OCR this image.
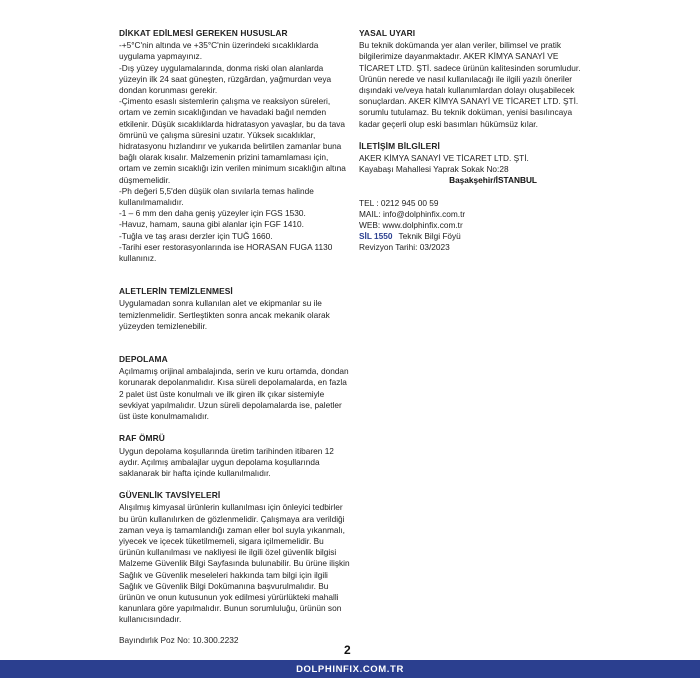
DİKKAT EDİLMESİ GEREKEN HUSUSLAR
-+5°C'nin altında ve +35°C'nin üzerindeki sıcaklıklarda uygulama yapmayınız.
-Dış yüzey uygulamalarında, donma riski olan alanlarda yüzeyin ilk 24 saat güneşten, rüzgârdan, yağmurdan veya dondan korunması gerekir.
-Çimento esaslı sistemlerin çalışma ve reaksiyon süreleri, ortam ve zemin sıcaklığından ve havadaki bağıl nemden etkilenir. Düşük sıcaklıklarda hidratasyon yavaşlar, bu da tava ömrünü ve çalışma süresini uzatır. Yüksek sıcaklıklar, hidratasyonu hızlandırır ve yukarıda belirtilen zamanlar buna bağlı olarak kısalır. Malzemenin prizini tamamlaması için, ortam ve zemin sıcaklığı izin verilen minimum sıcaklığın altına düşmemelidir.
-Ph değeri 5,5'den düşük olan sıvılarla temas halinde kullanılmamalıdır.
-1 – 6 mm den daha geniş yüzeyler için FGS 1530.
-Havuz, hamam, sauna gibi alanlar için FGF 1410.
-Tuğla ve taş arası derzler için TUĞ 1660.
-Tarihi eser restorasyonlarında ise HORASAN FUGA 1130 kullanınız.
ALETLERİN TEMİZLENMESİ
Uygulamadan sonra kullanılan alet ve ekipmanlar su ile temizlenmelidir. Sertleştikten sonra ancak mekanik olarak yüzeyden temizlenebilir.
DEPOLAMA
Açılmamış orijinal ambalajında, serin ve kuru ortamda, dondan korunarak depolanmalıdır. Kısa süreli depolamalarda, en fazla 2 palet üst üste konulmalı ve ilk giren ilk çıkar sistemiyle sevkiyat yapılmalıdır. Uzun süreli depolamalarda ise, paletler üst üste konulmamalıdır.
RAF ÖMRÜ
Uygun depolama koşullarında üretim tarihinden itibaren 12 aydır. Açılmış ambalajlar uygun depolama koşullarında saklanarak bir hafta içinde kullanılmalıdır.
GÜVENLİK TAVSİYELERİ
Alışılmış kimyasal ürünlerin kullanılması için önleyici tedbirler bu ürün kullanılırken de gözlenmelidir. Çalışmaya ara verildiği zaman veya iş tamamlandığı zaman eller bol suyla yıkanmalı, yiyecek ve içecek tüketilmemeli, sigara içilmemelidir. Bu ürünün kullanılması ve nakliyesi ile ilgili özel güvenlik bilgisi Malzeme Güvenlik Bilgi Sayfasında bulunabilir. Bu ürüne ilişkin Sağlık ve Güvenlik meseleleri hakkında tam bilgi için ilgili Sağlık ve Güvenlik Bilgi Dokümanına başvurulmalıdır. Bu ürünün ve onun kutusunun yok edilmesi yürürlükteki mahalli kanunlara göre yapılmalıdır. Bunun sorumluluğu, ürünün son kullanıcısındadır.
YASAL UYARI
Bu teknik dokümanda yer alan veriler, bilimsel ve pratik bilgilerimize dayanmaktadır. AKER KİMYA SANAYİ VE TİCARET LTD. ŞTİ. sadece ürünün kalitesinden sorumludur. Ürünün nerede ve nasıl kullanılacağı ile ilgili yazılı öneriler dışındaki ve/veya hatalı kullanımlardan dolayı oluşabilecek sonuçlardan. AKER KİMYA SANAYİ VE TİCARET LTD. ŞTİ. sorumlu tutulamaz. Bu teknik doküman, yenisi basılıncaya kadar geçerli olup eski basımları hükümsüz kılar.
İLETİŞİM BİLGİLERİ
AKER KİMYA SANAYİ VE TİCARET LTD. ŞTİ.
Kayabaşı Mahallesi Yaprak Sokak No:28
Başakşehir/İSTANBUL
TEL : 0212 945 00 59
MAIL: info@dolphinfix.com.tr
WEB: www.dolphinfix.com.tr
SİL 1550 Teknik Bilgi Föyü
Revizyon Tarihi: 03/2023
Bayındırlık Poz No: 10.300.2232
2
DOLPHINFIX.COM.TR
